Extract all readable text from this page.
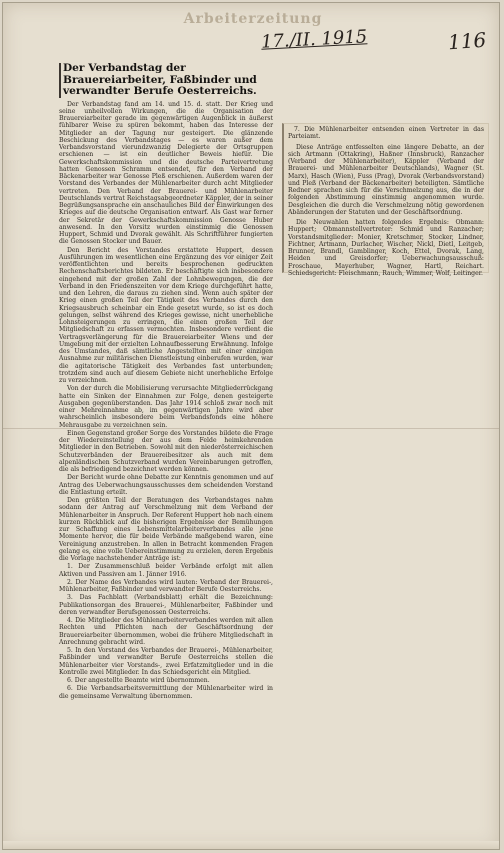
Arbeiterzeitung
17./II. 1915	116
Der Verbandstag der Brauereiarbeiter, Faßbinder und verwandter Berufe Oesterreichs.

Der Verbandstag fand am 14. und 15. d. statt. Der Krieg und seine unheilvollen Wirkungen, die die Organisation der Brauereiarbeiter gerade im gegenwärtigen Augenblick in äußerst fühlbarer Weise zu spüren bekommt, haben das Interesse der Mitglieder an der Tagung nur gesteigert. Die glänzende Beschickung des Verbandstages — es waren außer dem Verbandsvorstand vierundzwanzig Delegierte der Ortsgruppen erschienen — ist ein deutlicher Beweis hiefür. Die Gewerkschaftskommission und die deutsche Parteivertretung hatten Genossen Schramm entsendet, für den Verband der Bäckenarbeiter war Genosse Pleß erschienen. Außerdem waren der Vorstand des Verbandes der Mühlenarbeiter durch acht Mitglieder vertreten. Den Verband der Brauerei- und Mühlenarbeiter Deutschlands vertrat Reichstagsabgeordneter Käppler, der in seiner Begrüßungsansprache ein anschauliches Bild der Einwirkungen des Krieges auf die deutsche Organisation entwarf. Als Gast war ferner der Sekretär der Gewerkschaftskommission Genosse Huber anwesend. In den Vorsitz wurden einstimmig die Genossen Huppert, Schmid und Dvorak gewählt. Als Schriftführer fungierten die Genossen Stocker und Bauer.

Den Bericht des Vorstandes erstattete Huppert, dessen Ausführungen im wesentlichen eine Ergänzung des vor einiger Zeit veröffentlichten und bereits besprochenen gedruckten Rechenschaftsberichtes bildeten. Er beschäftigte sich insbesondere eingehend mit der großen Zahl der Lohnbewegungen, die der Verband in den Friedenszeiten vor dem Kriege durchgeführt hatte, und den Lehren, die daraus zu ziehen sind. Wenn auch später der Krieg einen großen Teil der Tätigkeit des Verbandes durch den Kriegsausbruch scheinbar ein Ende gesetzt wurde, so ist es doch gelungen, selbst während des Krieges gewisse, nicht unerhebliche Lohnsteigerungen zu erringen, die einen großen Teil der Mitgliedschaft zu erfassen vermochten. Insbesondere verdient die Vertragsverlängerung für die Brauereiarbeiter Wiens und der Umgebung mit der erzielten Lohnaufbesserung Erwähnung. Infolge des Umstandes, daß sämtliche Angestellten mit einer einzigen Ausnahme zur militärischen Dienstleistung einberufen wurden, war die agitatorische Tätigkeit des Verbandes fast unterbunden; trotzdem sind auch auf diesem Gebiete nicht unerhebliche Erfolge zu verzeichnen.

Von der durch die Mobilisierung verursachte Mitgliederrückgang hatte ein Sinken der Einnahmen zur Folge, denen gesteigerte Ausgaben gegenüberstanden. Das Jahr 1914 schloß zwar noch mit einer Mehreinnahme ab, im gegenwärtigen Jahre wird aber wahrscheinlich insbesondere beim Verbandsfonds eine höhere Mehrausgabe zu verzeichnen sein.

Einen Gegenstand großer Sorge des Vorstandes bildete die Frage der Wiedereinstellung der aus dem Felde heimkehrenden Mitglieder in den Betrieben. Sowohl mit den niederösterreichischen Schutzverbänden der Brauereibesitzer als auch mit dem alpenländischen Schutzverband wurden Vereinbarungen getroffen, die als befriedigend bezeichnet werden können.

Der Bericht wurde ohne Debatte zur Kenntnis genommen und auf Antrag des Ueberwachungsausschusses dem scheidenden Vorstand die Entlastung erteilt.

Den größten Teil der Beratungen des Verbandstages nahm sodann der Antrag auf Verschmelzung mit dem Verband der Mühlenarbeiter in Anspruch. Der Referent Huppert hob nach einem kurzen Rückblick auf die bisherigen Ergebnisse der Bemühungen zur Schaffung eines Lebensmittelarbeiterverbandes alle jene Momente hervor, die für beide Verbände maßgebend waren, eine Vereinigung anzustreben. In allen in Betracht kommenden Fragen gelang es, eine volle Uebereinstimmung zu erzielen, deren Ergebnis die Vorlage nachstehender Anträge ist:

1. Der Zusammenschluß beider Verbände erfolgt mit allen Aktiven und Passiven am 1. Jänner 1916.

2. Der Name des Verbandes wird lauten: Verband der Brauerei-, Mühlenarbeiter, Faßbinder und verwandter Berufe Oesterreichs.

3. Das Fachblatt (Verbandsblatt) erhält die Bezeichnung: Publikationsorgan des Brauerei-, Mühlenarbeiter, Faßbinder und deren verwandter Berufsgenossen Oesterreichs.

4. Die Mitglieder des Mühlenarbeiterverbandes werden mit allen Rechten und Pflichten nach der Geschäftsordnung der Brauereiarbeiter übernommen, wobei die frühere Mitgliedschaft in Anrechnung gebracht wird.

5. In den Vorstand des Verbandes der Brauerei-, Mühlenarbeiter, Faßbinder und verwandter Berufe Oesterreichs stellen die Mühlenarbeiter vier Vorstands-, zwei Erfatzmitglieder und in die Kontrolle zwei Mitglieder. In das Schiedsgericht ein Mitglied.

6. Der angestellte Beamte wird übernommen.

6. Die Verbandsarbeitsvermittlung der Mühlenarbeiter wird in die gemeinsame Verwaltung übernommen.

7. Die Mühlenarbeiter entsenden einen Vertreter in das Parteiamt.

Diese Anträge entfesselten eine längere Debatte, an der sich Artmann (Ottakring), Haßner (Innsbruck), Ranzacher (Verband der Mühlenarbeiter), Käppler (Verband der Brauerei- und Mühlenarbeiter Deutschlands), Wagner (St. Marx), Hasch (Wien), Fuss (Prag), Dvorak (Verbandsvorstand) und Pleß (Verband der Bäckenarbeiter) beteiligten. Sämtliche Redner sprachen sich für die Verschmelzung aus, die in der folgenden Abstimmung einstimmig angenommen wurde. Desgleichen die durch die Verschmelzung nötig gewordenen Abänderungen der Statuten und der Geschäftsordnung.

Die Neuwahlen hatten folgendes Ergebnis: Obmann: Huppert; Obmannstellvertreter: Schmid und Ranzacher; Vorstandsmitglieder: Monier, Kretschmer, Stocker, Lindner, Fichtner, Artmann, Durlacher, Wischer, Nickl, Dietl, Leitgeb, Brunner, Brandl, Gamblinger, Koch, Ettel, Dvorak, Lang, Heiden und Greisdorfer; Ueberwachungsausschuß: Froschaue, Mayerhuber, Wagner, Hartl, Reichart. Schiedsgericht: Fleischmann, Rauch, Wimmer, Wolf, Leitinger.
